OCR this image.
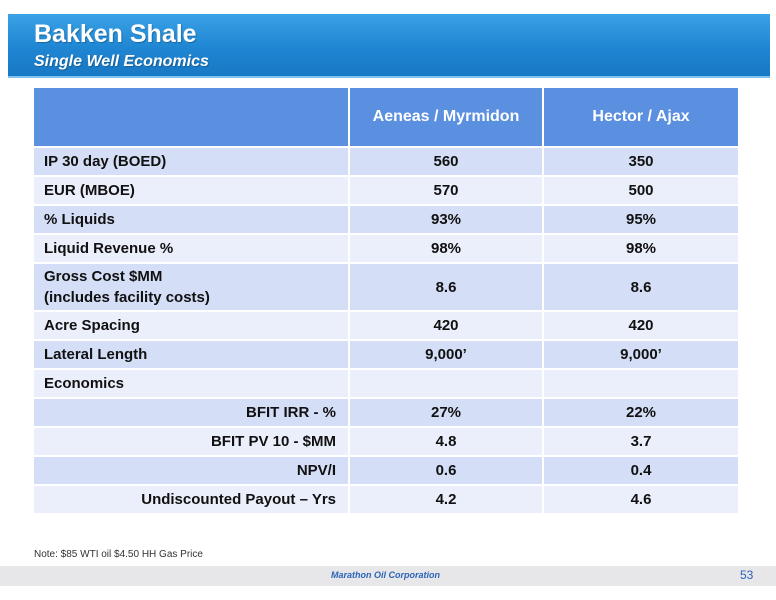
Bakken Shale
Single Well Economics
	Aeneas / Myrmidon	Hector / Ajax
IP 30 day (BOED)	560	350
EUR (MBOE)	570	500
% Liquids	93%	95%
Liquid Revenue %	98%	98%

Gross Cost $MM
(includes facility costs)	8.6	8.6
Acre Spacing	420	420
Lateral Length	9,000’	9,000’
Economics		
BFIT IRR - %	27%	22%
BFIT PV 10 - $MM	4.8	3.7
NPV/I	0.6	0.4
Undiscounted Payout – Yrs	4.2	4.6
Note: $85 WTI oil $4.50 HH Gas Price
Marathon Oil Corporation	53
